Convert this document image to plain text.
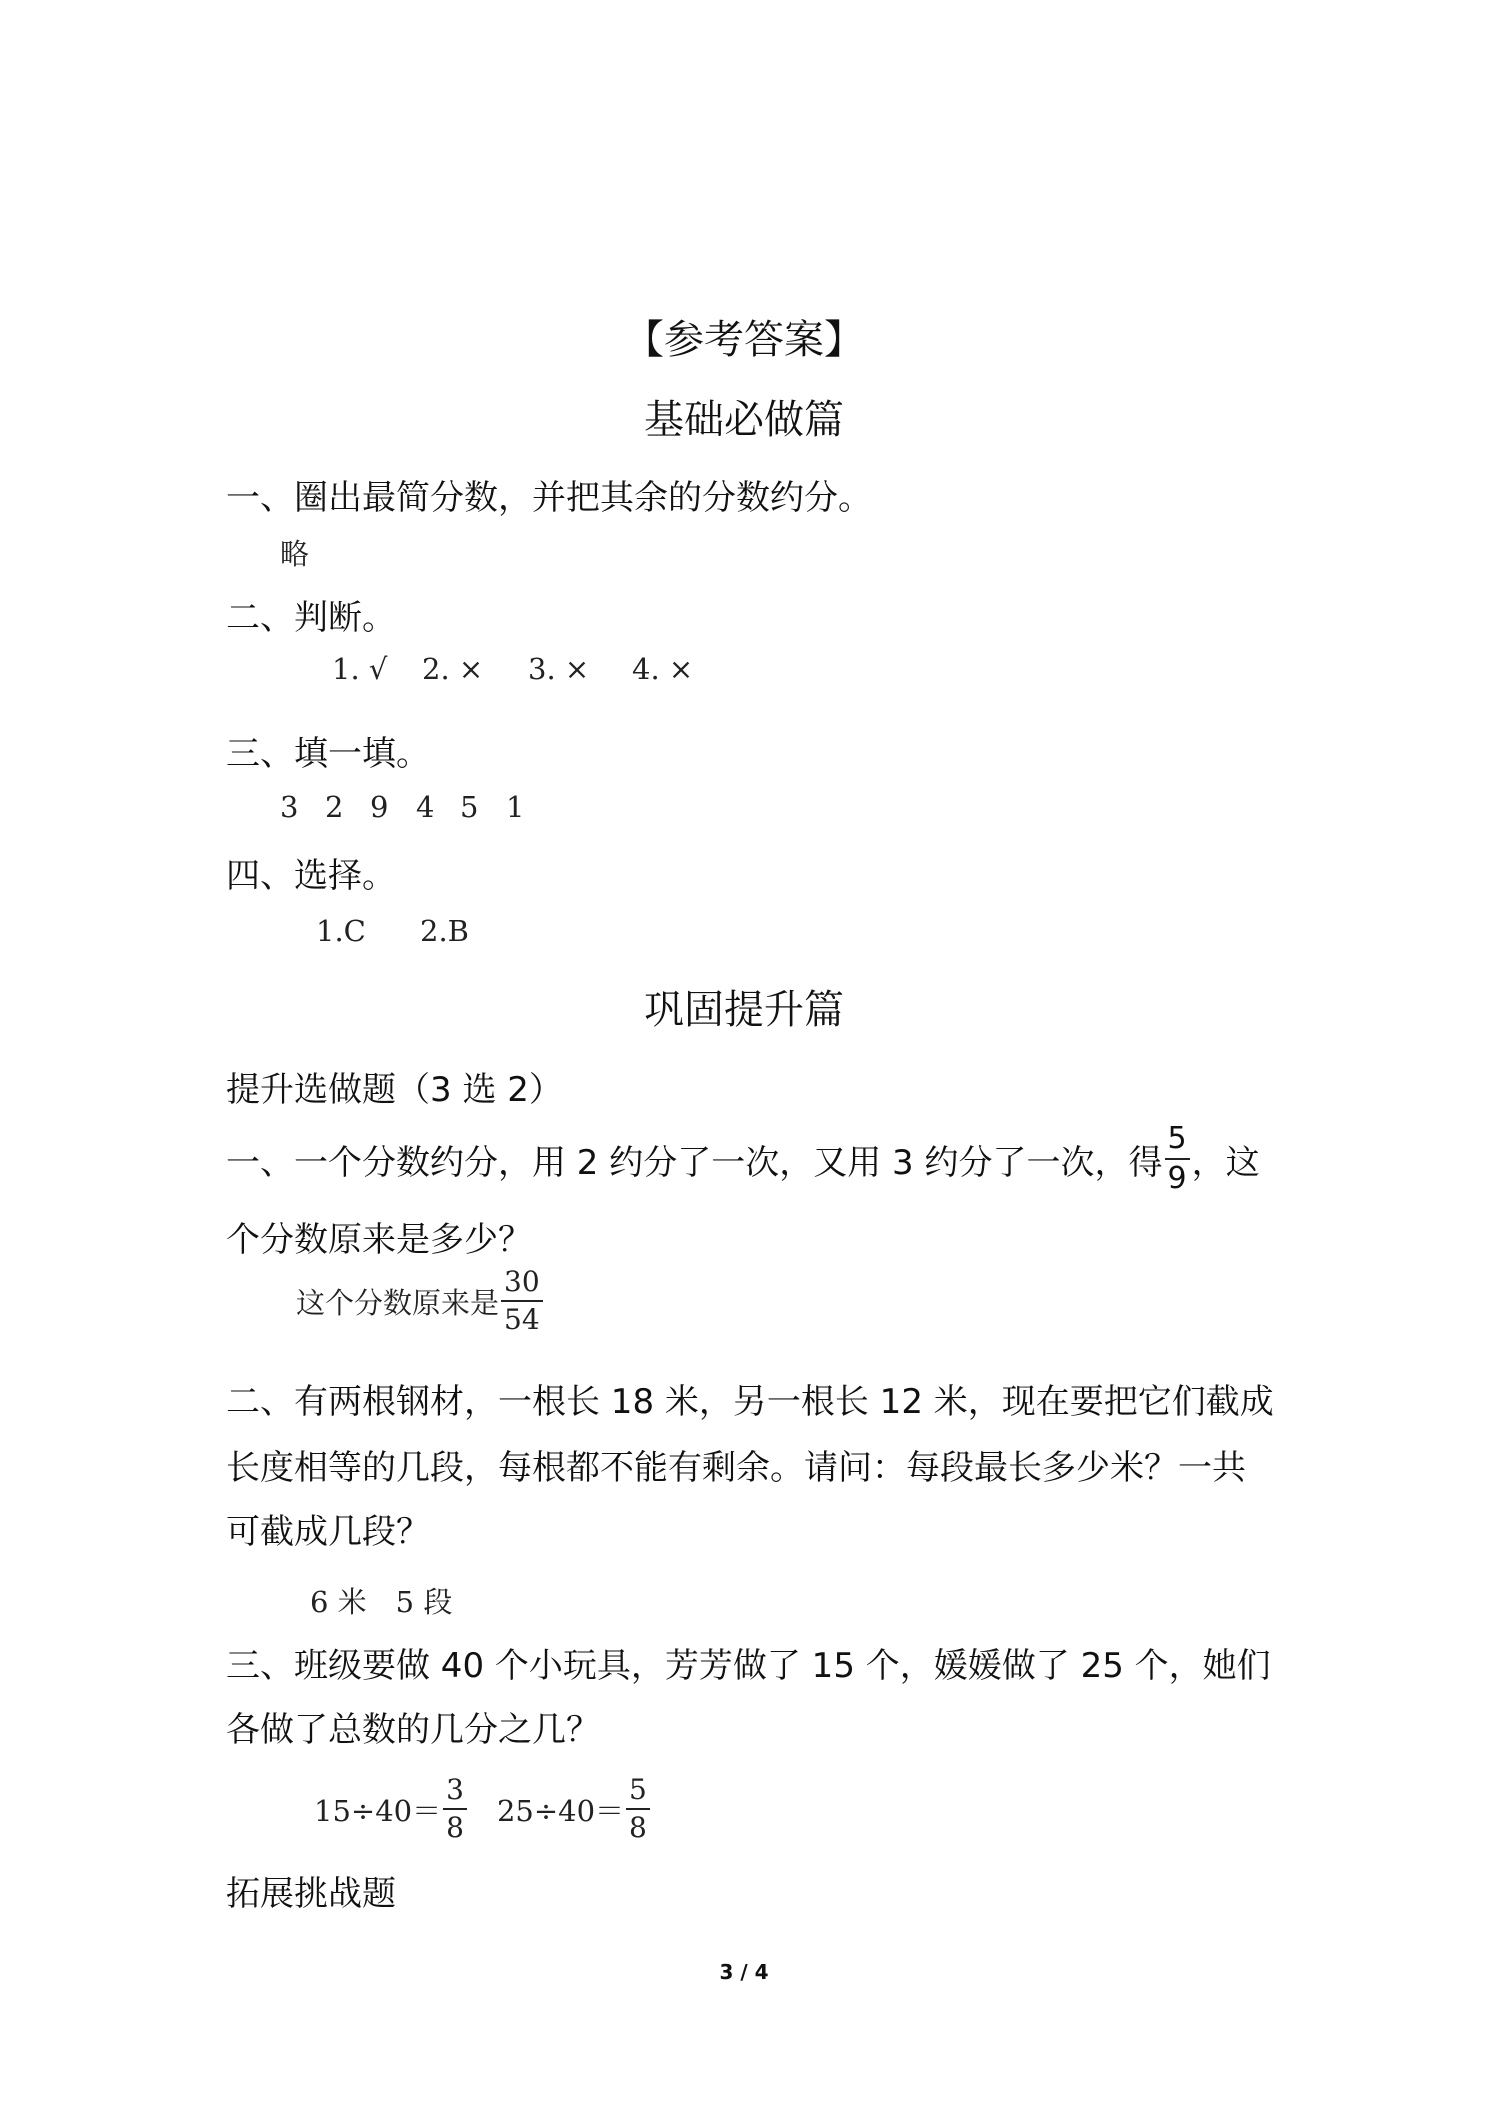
【参考答案】
基础必做篇
一、圈出最简分数，并把其余的分数约分。
略
二、判断。
1. √ 2. × 3. × 4. ×
三、填一填。
3 2 9 4 5 1
四、选择。
1.C 2.B
巩固提升篇
提升选做题（3 选 2）
一、一个分数约分，用 2 约分了一次，又用 3 约分了一次，得 $\frac{5}{9}$ ，这
个分数原来是多少？
这个分数原来是 $\frac{30}{54}$
二、有两根钢材，一根长 18 米，另一根长 12 米，现在要把它们截成
长度相等的几段，每根都不能有剩余。请问：每段最长多少米？一共
可截成几段？
6 米　5 段
三、班级要做 40 个小玩具，芳芳做了 15 个，媛媛做了 25 个，她们
各做了总数的几分之几？
$15\div 40= \frac{3}{8} 25\div 40= \frac{5}{8}$
拓展挑战题
3 / 4
